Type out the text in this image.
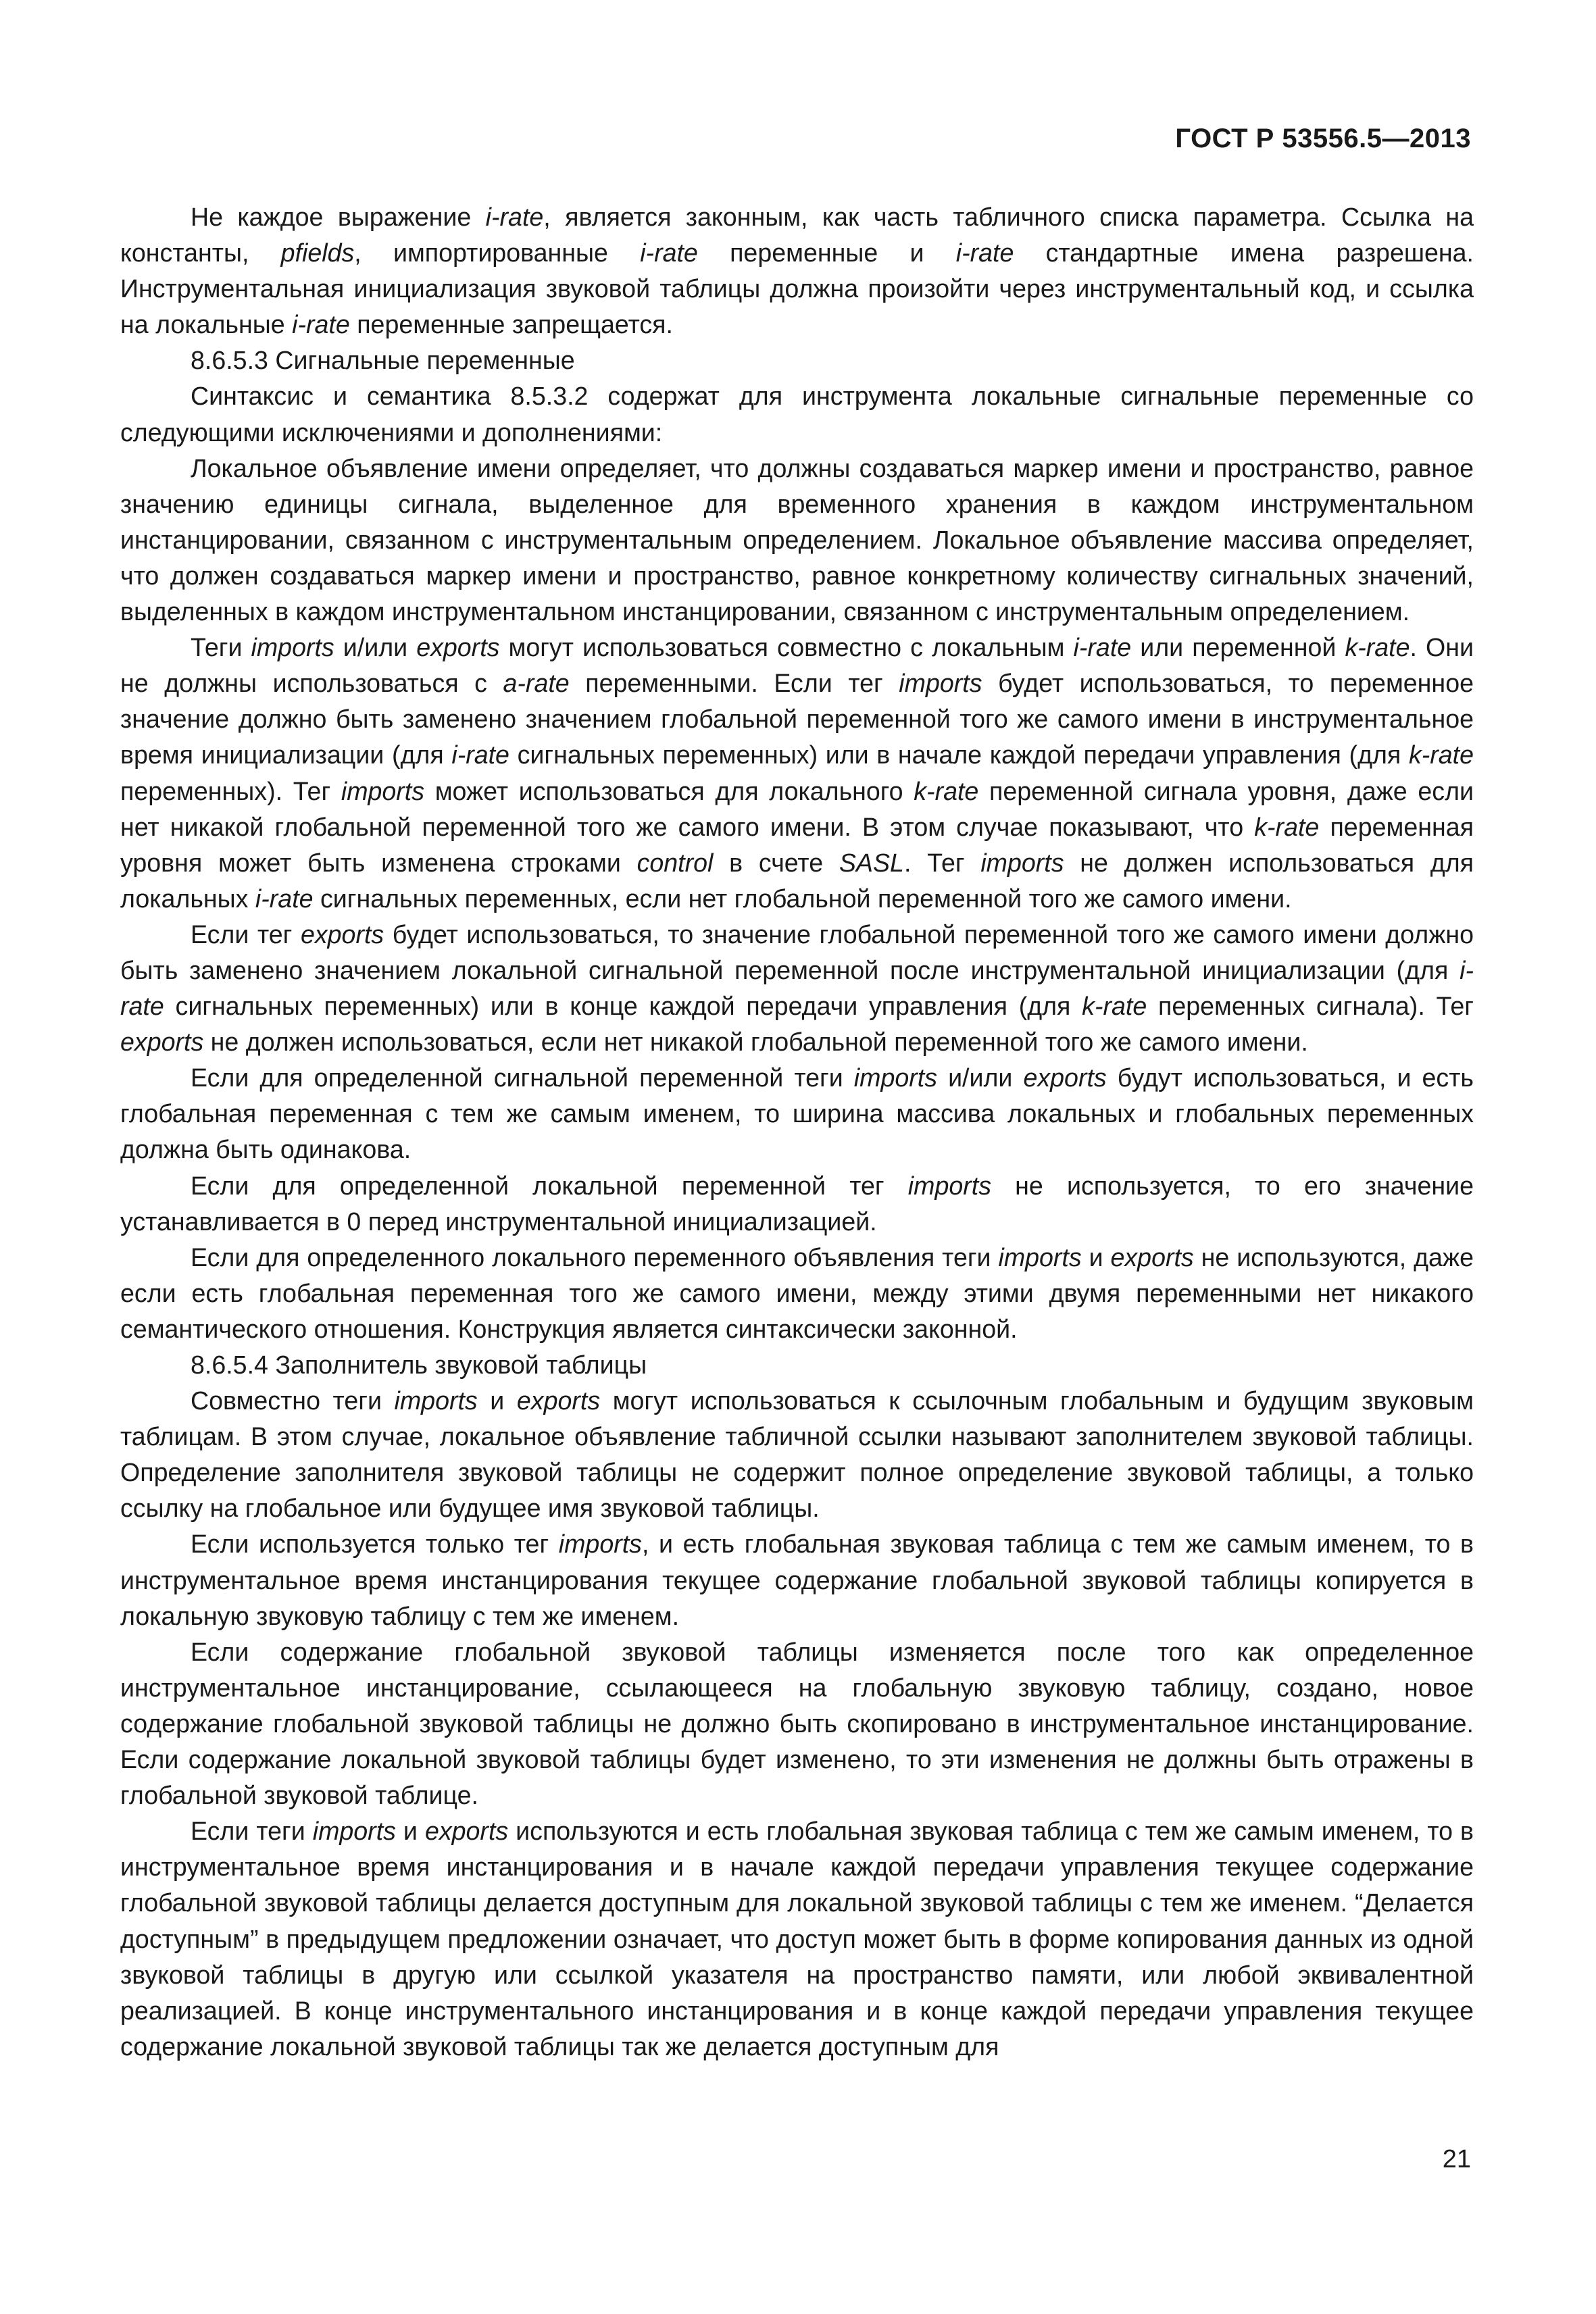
ГОСТ Р 53556.5—2013

Не каждое выражение i-rate, является законным, как часть табличного списка параметра. Ссылка на константы, pfields, импортированные i-rate переменные и i-rate стандартные имена разрешена. Инструментальная инициализация звуковой таблицы должна произойти через инструментальный код, и ссылка на локальные i-rate переменные запрещается.

8.6.5.3 Сигнальные переменные

Синтаксис и семантика 8.5.3.2 содержат для инструмента локальные сигнальные переменные со следующими исключениями и дополнениями:

Локальное объявление имени определяет, что должны создаваться маркер имени и пространство, равное значению единицы сигнала, выделенное для временного хранения в каждом инструментальном инстанцировании, связанном с инструментальным определением. Локальное объявление массива определяет, что должен создаваться маркер имени и пространство, равное конкретному количеству сигнальных значений, выделенных в каждом инструментальном инстанцировании, связанном с инструментальным определением.

Теги imports и/или exports могут использоваться совместно с локальным i-rate или переменной k-rate. Они не должны использоваться с a-rate переменными. Если тег imports будет использоваться, то переменное значение должно быть заменено значением глобальной переменной того же самого имени в инструментальное время инициализации (для i-rate сигнальных переменных) или в начале каждой передачи управления (для k-rate переменных). Тег imports может использоваться для локального k-rate переменной сигнала уровня, даже если нет никакой глобальной переменной того же самого имени. В этом случае показывают, что k-rate переменная уровня может быть изменена строками control в счете SASL. Тег imports не должен использоваться для локальных i-rate сигнальных переменных, если нет глобальной переменной того же самого имени.

Если тег exports будет использоваться, то значение глобальной переменной того же самого имени должно быть заменено значением локальной сигнальной переменной после инструментальной инициализации (для i-rate сигнальных переменных) или в конце каждой передачи управления (для k-rate переменных сигнала). Тег exports не должен использоваться, если нет никакой глобальной переменной того же самого имени.

Если для определенной сигнальной переменной теги imports и/или exports будут использоваться, и есть глобальная переменная с тем же самым именем, то ширина массива локальных и глобальных переменных должна быть одинакова.

Если для определенной локальной переменной тег imports не используется, то его значение устанавливается в 0 перед инструментальной инициализацией.

Если для определенного локального переменного объявления теги imports и exports не используются, даже если есть глобальная переменная того же самого имени, между этими двумя переменными нет никакого семантического отношения. Конструкция является синтаксически законной.

8.6.5.4 Заполнитель звуковой таблицы

Совместно теги imports и exports могут использоваться к ссылочным глобальным и будущим звуковым таблицам. В этом случае, локальное объявление табличной ссылки называют заполнителем звуковой таблицы. Определение заполнителя звуковой таблицы не содержит полное определение звуковой таблицы, а только ссылку на глобальное или будущее имя звуковой таблицы.

Если используется только тег imports, и есть глобальная звуковая таблица с тем же самым именем, то в инструментальное время инстанцирования текущее содержание глобальной звуковой таблицы копируется в локальную звуковую таблицу с тем же именем.

Если содержание глобальной звуковой таблицы изменяется после того как определенное инструментальное инстанцирование, ссылающееся на глобальную звуковую таблицу, создано, новое содержание глобальной звуковой таблицы не должно быть скопировано в инструментальное инстанцирование. Если содержание локальной звуковой таблицы будет изменено, то эти изменения не должны быть отражены в глобальной звуковой таблице.

Если теги imports и exports используются и есть глобальная звуковая таблица с тем же самым именем, то в инструментальное время инстанцирования и в начале каждой передачи управления текущее содержание глобальной звуковой таблицы делается доступным для локальной звуковой таблицы с тем же именем. “Делается доступным” в предыдущем предложении означает, что доступ может быть в форме копирования данных из одной звуковой таблицы в другую или ссылкой указателя на пространство памяти, или любой эквивалентной реализацией. В конце инструментального инстанцирования и в конце каждой передачи управления текущее содержание локальной звуковой таблицы так же делается доступным для

21
